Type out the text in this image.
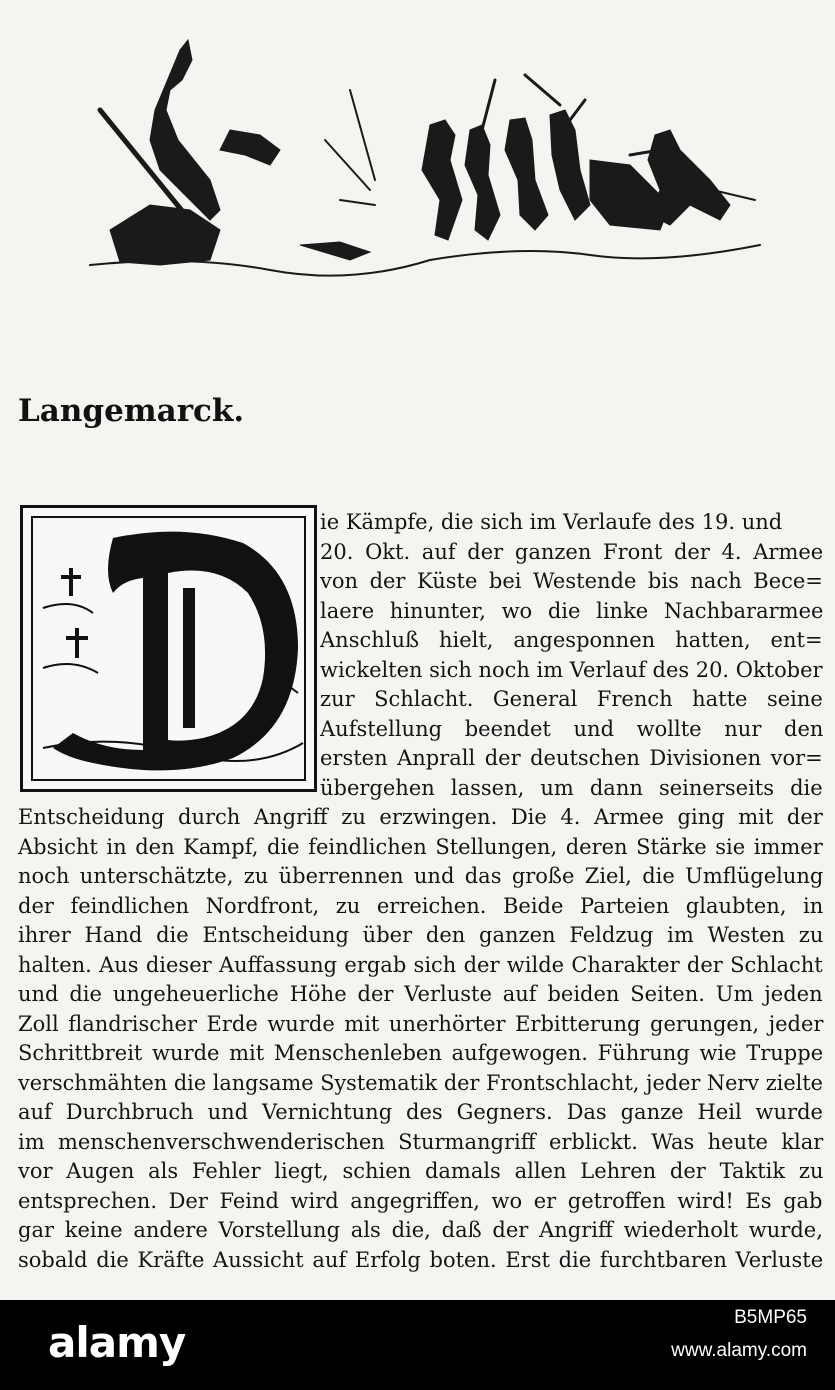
Langemarck.
ie Kämpfe, die sich im Verlaufe des 19. und
20. Okt. auf der ganzen Front der 4. Armee
von der Küste bei Westende bis nach Bece=
laere hinunter, wo die linke Nachbararmee
Anschluß hielt, angesponnen hatten, ent=
wickelten sich noch im Verlauf des 20. Oktober
zur Schlacht. General French hatte seine
Aufstellung beendet und wollte nur den
ersten Anprall der deutschen Divisionen vor=
übergehen lassen, um dann seinerseits die
Entscheidung durch Angriff zu erzwingen. Die 4. Armee ging mit der
Absicht in den Kampf, die feindlichen Stellungen, deren Stärke sie immer
noch unterschätzte, zu überrennen und das große Ziel, die Umflügelung
der feindlichen Nordfront, zu erreichen. Beide Parteien glaubten, in
ihrer Hand die Entscheidung über den ganzen Feldzug im Westen zu
halten. Aus dieser Auffassung ergab sich der wilde Charakter der Schlacht
und die ungeheuerliche Höhe der Verluste auf beiden Seiten. Um jeden
Zoll flandrischer Erde wurde mit unerhörter Erbitterung gerungen, jeder
Schrittbreit wurde mit Menschenleben aufgewogen. Führung wie Truppe
verschmähten die langsame Systematik der Frontschlacht, jeder Nerv zielte
auf Durchbruch und Vernichtung des Gegners. Das ganze Heil wurde
im menschenverschwenderischen Sturmangriff erblickt. Was heute klar
vor Augen als Fehler liegt, schien damals allen Lehren der Taktik zu
entsprechen. Der Feind wird angegriffen, wo er getroffen wird! Es gab
gar keine andere Vorstellung als die, daß der Angriff wiederholt wurde,
sobald die Kräfte Aussicht auf Erfolg boten. Erst die furchtbaren Verluste
alamy
B5MP65
www.alamy.com
